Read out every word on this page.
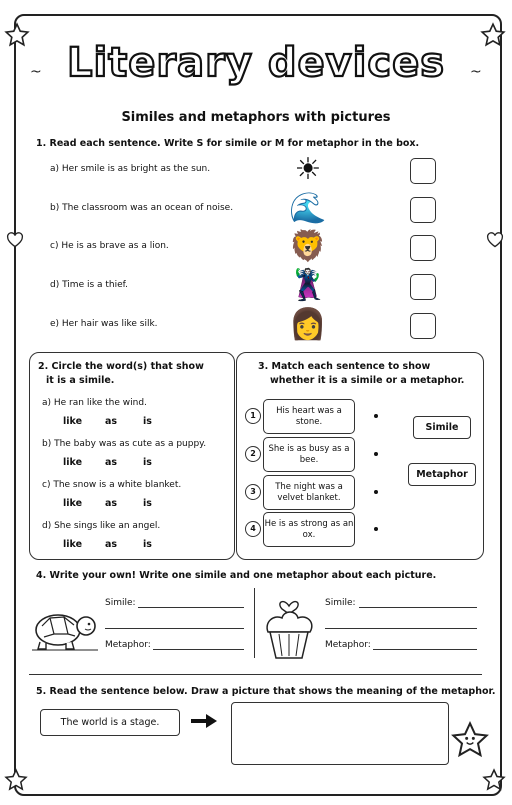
~	~
Literary devices
Similes and metaphors with pictures
1. Read each sentence. Write S for simile or M for metaphor in the box.
a) Her smile is as bright as the sun.
b) The classroom was an ocean of noise.
c) He is as brave as a lion.
d) Time is a thief.
e) Her hair was like silk.
☀
🌊
🦁
🦹
👩
2. Circle the word(s) that show
it is a simile.
a) He ran like the wind.
like as	is
b) The baby was as cute as a puppy.
like as	is
c) The snow is a white blanket.
like as	is
d) She sings like an angel.
like as	is
3. Match each sentence to show
whether it is a simile or a metaphor.
1	His heart was a stone.
2	She is as busy as a bee.
3	The night was a velvet blanket.
4	He is as strong as an ox.
Simile
Metaphor
4. Write your own! Write one simile and one metaphor about each picture.
Simile:
Metaphor:
Simile:
Metaphor:
5. Read the sentence below. Draw a picture that shows the meaning of the metaphor.
The world is a stage.
